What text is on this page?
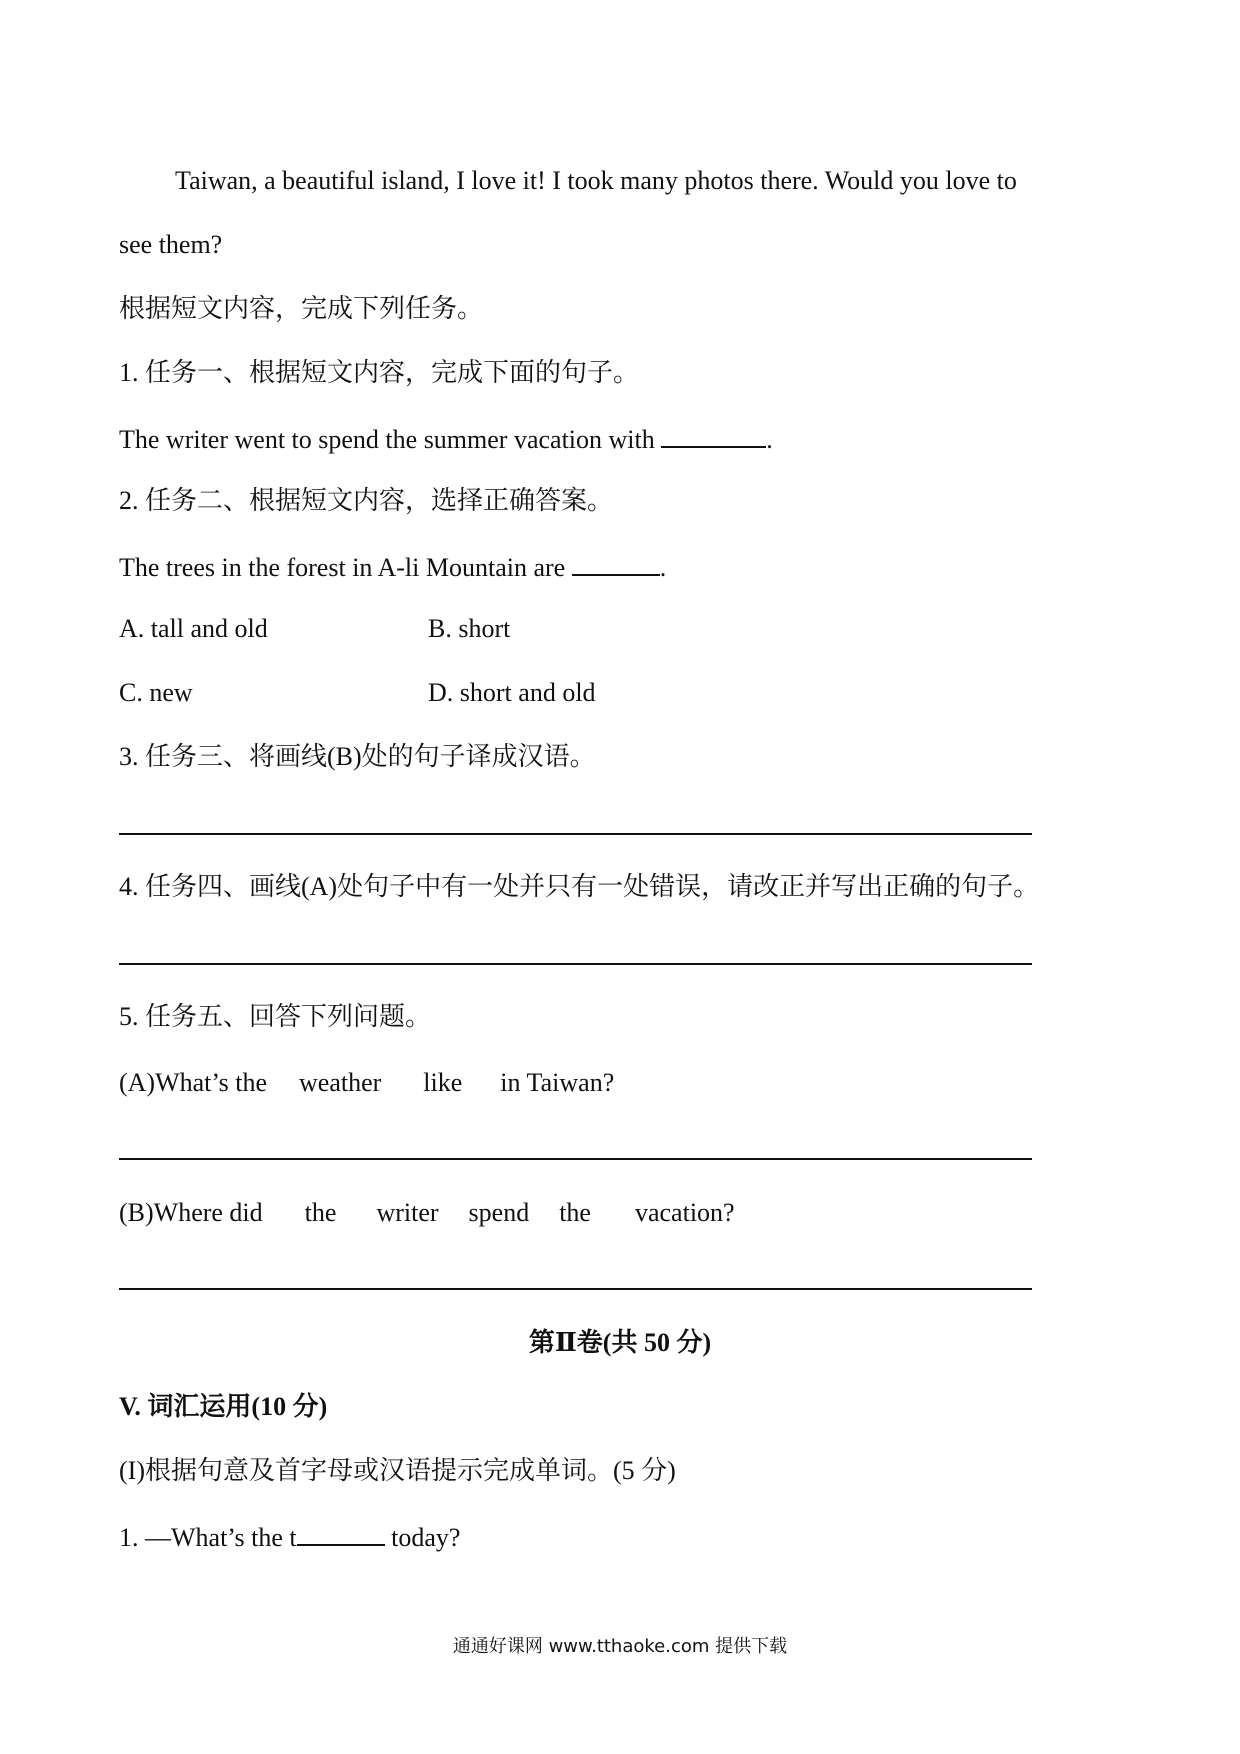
Taiwan, a beautiful island, I love it! I took many photos there. Would you love to
see them?
根据短文内容，完成下列任务。
1. 任务一、根据短文内容，完成下面的句子。
The writer went to spend the summer vacation with	.
2. 任务二、根据短文内容，选择正确答案。
The trees in the forest in A-li Mountain are	.
A. tall and old	B. short
C. new	D. short and old
3. 任务三、将画线(B)处的句子译成汉语。
4. 任务四、画线(A)处句子中有一处并只有一处错误，请改正并写出正确的句子。
5. 任务五、回答下列问题。
(A)What’s the weather like in Taiwan?
(B)Where did the writer spend the vacation?
第Ⅱ卷(共 50 分)
V. 词汇运用(10 分)
(I)根据句意及首字母或汉语提示完成单词。(5 分)
1. —What’s the t	today?
通通好课网 www.tthaoke.com 提供下载
